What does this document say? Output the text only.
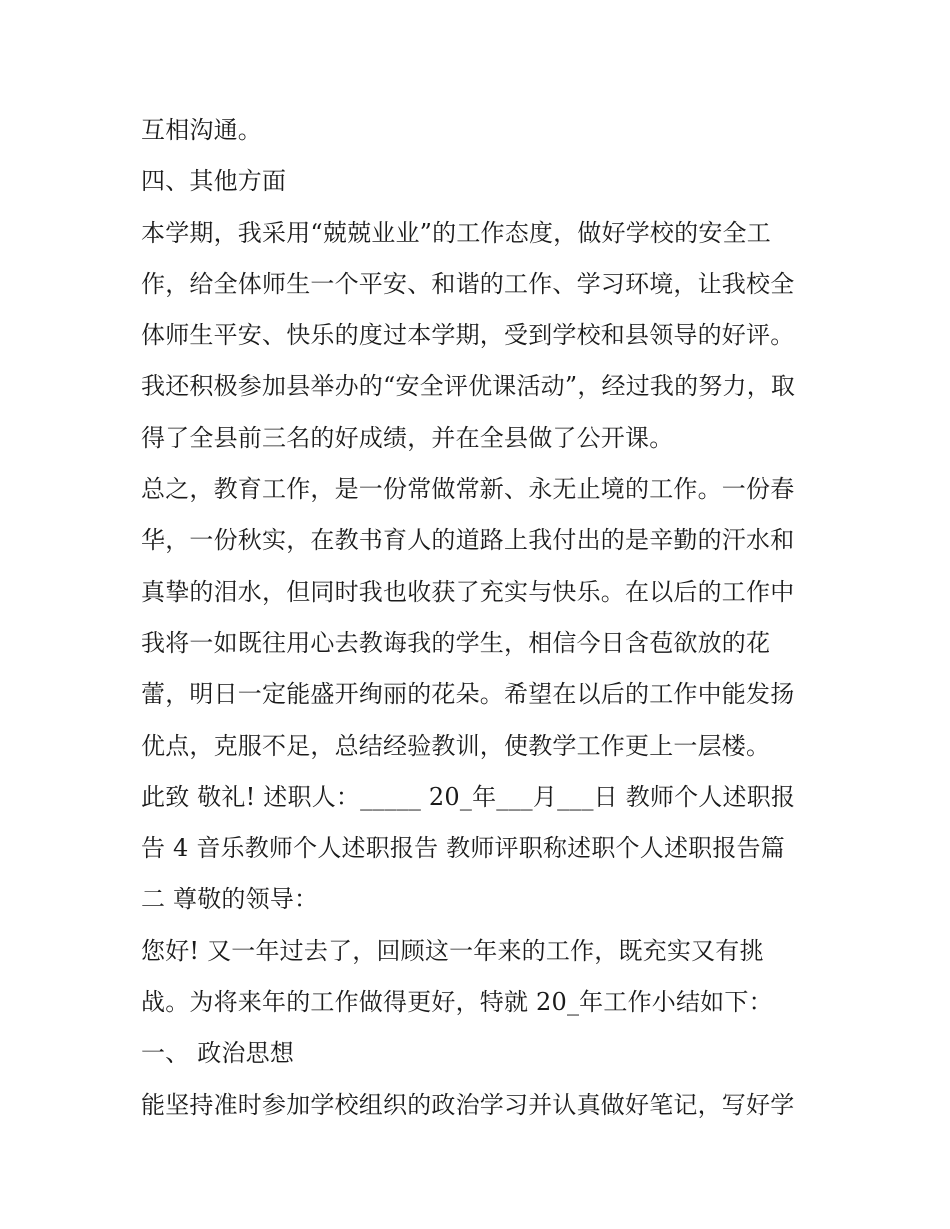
互相沟通。
四、其他方面
本学期，我采用“兢兢业业”的工作态度，做好学校的安全工
作，给全体师生一个平安、和谐的工作、学习环境，让我校全
体师生平安、快乐的度过本学期，受到学校和县领导的好评。
我还积极参加县举办的“安全评优课活动”，经过我的努力，取
得了全县前三名的好成绩，并在全县做了公开课。
总之，教育工作，是一份常做常新、永无止境的工作。一份春
华，一份秋实，在教书育人的道路上我付出的是辛勤的汗水和
真挚的泪水，但同时我也收获了充实与快乐。在以后的工作中
我将一如既往用心去教诲我的学生，相信今日含苞欲放的花
蕾，明日一定能盛开绚丽的花朵。希望在以后的工作中能发扬
优点，克服不足，总结经验教训，使教学工作更上一层楼。
此致 敬礼! 述职人：_____ 20_年___月___日 教师个人述职报
告 4 音乐教师个人述职报告 教师评职称述职个人述职报告篇
二 尊敬的领导：
您好! 又一年过去了，回顾这一年来的工作，既充实又有挑
战。为将来年的工作做得更好，特就 20_年工作小结如下：
一、 政治思想
能坚持准时参加学校组织的政治学习并认真做好笔记，写好学
